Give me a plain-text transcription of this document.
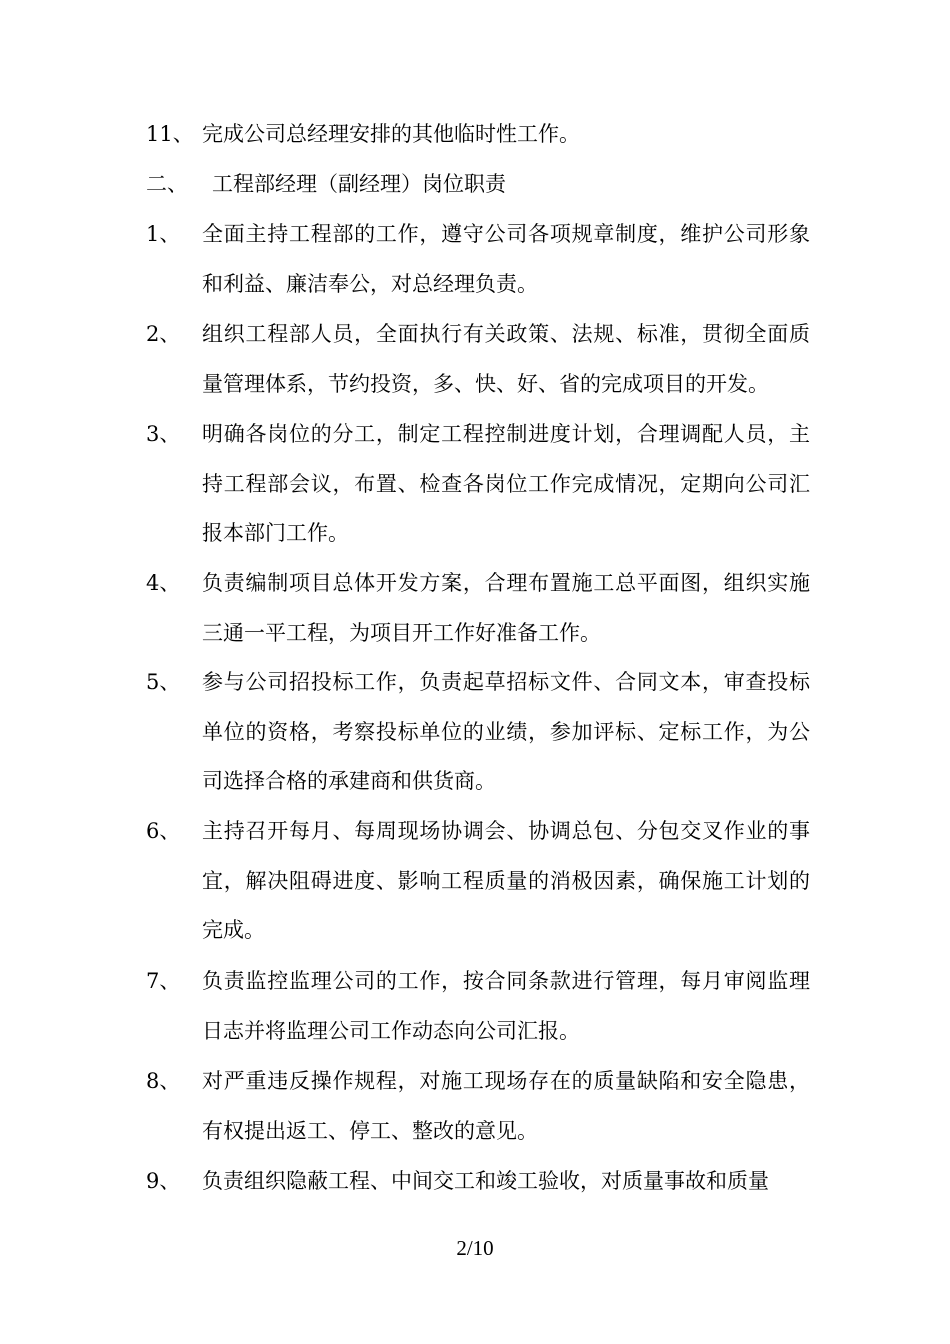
11、 完成公司总经理安排的其他临时性工作。
二、 工程部经理（副经理）岗位职责
1、 全面主持工程部的工作，遵守公司各项规章制度，维护公司形象和利益、廉洁奉公，对总经理负责。
2、 组织工程部人员，全面执行有关政策、法规、标准，贯彻全面质量管理体系，节约投资，多、快、好、省的完成项目的开发。
3、 明确各岗位的分工，制定工程控制进度计划，合理调配人员，主持工程部会议，布置、检查各岗位工作完成情况，定期向公司汇报本部门工作。
4、 负责编制项目总体开发方案，合理布置施工总平面图，组织实施三通一平工程，为项目开工作好准备工作。
5、 参与公司招投标工作，负责起草招标文件、合同文本，审查投标单位的资格，考察投标单位的业绩，参加评标、定标工作，为公司选择合格的承建商和供货商。
6、 主持召开每月、每周现场协调会、协调总包、分包交叉作业的事宜，解决阻碍进度、影响工程质量的消极因素，确保施工计划的完成。
7、 负责监控监理公司的工作，按合同条款进行管理，每月审阅监理日志并将监理公司工作动态向公司汇报。
8、 对严重违反操作规程，对施工现场存在的质量缺陷和安全隐患，有权提出返工、停工、整改的意见。
9、 负责组织隐蔽工程、中间交工和竣工验收，对质量事故和质量
2/10
